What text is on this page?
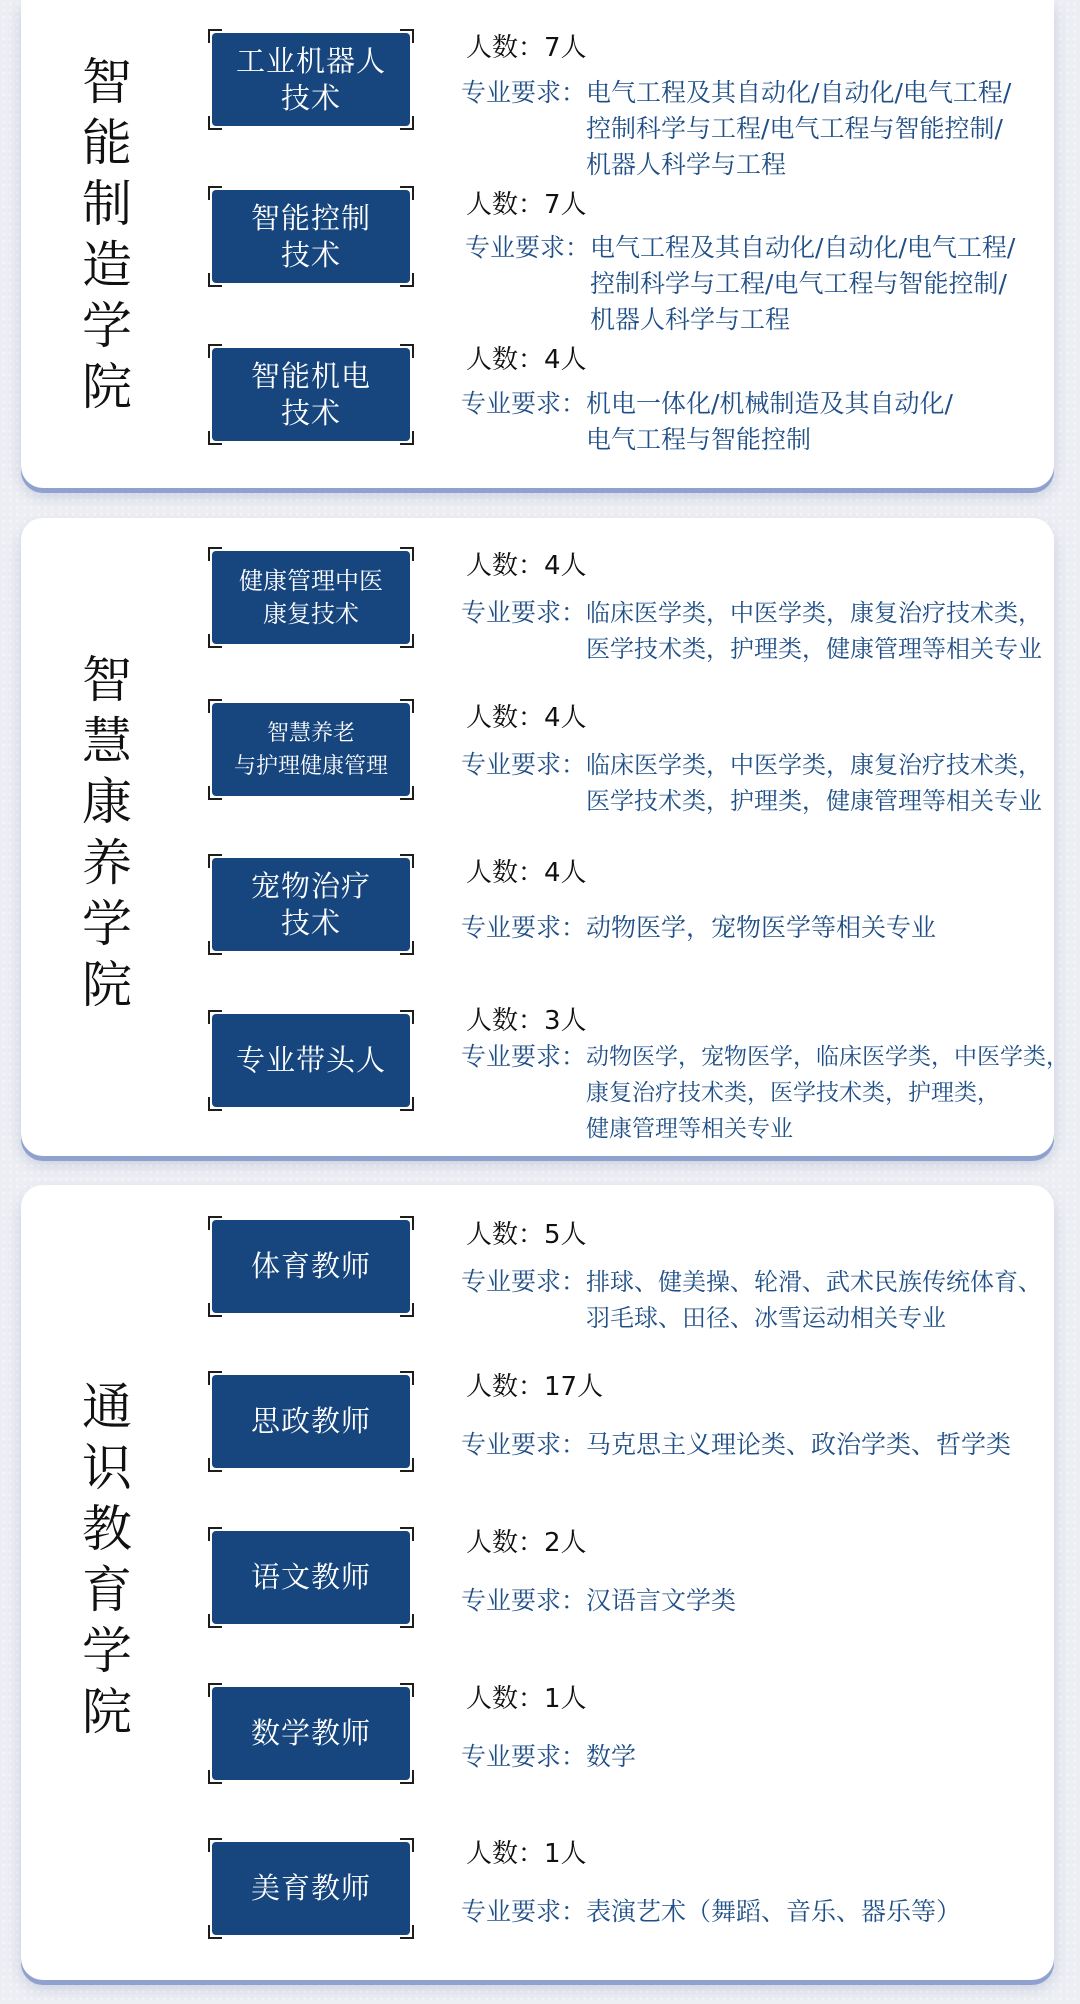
智
能
制
造
学
院
工业机器人
技术
人数：7人
专业要求： 电气工程及其自动化/自动化/电气工程/
控制科学与工程/电气工程与智能控制/
机器人科学与工程
智能控制
技术
人数：7人
专业要求： 电气工程及其自动化/自动化/电气工程/
控制科学与工程/电气工程与智能控制/
机器人科学与工程
智能机电
技术
人数：4人
专业要求： 机电一体化/机械制造及其自动化/
电气工程与智能控制
智
慧
康
养
学
院
健康管理中医
康复技术
人数：4人
专业要求： 临床医学类，中医学类，康复治疗技术类，
医学技术类，护理类，健康管理等相关专业
智慧养老
与护理健康管理
人数：4人
专业要求： 临床医学类，中医学类，康复治疗技术类，
医学技术类，护理类，健康管理等相关专业
宠物治疗
技术
人数：4人
专业要求： 动物医学，宠物医学等相关专业
专业带头人
人数：3人
专业要求： 动物医学，宠物医学，临床医学类，中医学类，
康复治疗技术类，医学技术类，护理类，
健康管理等相关专业
通
识
教
育
学
院
体育教师
人数：5人
专业要求： 排球、健美操、轮滑、武术民族传统体育、
羽毛球、田径、冰雪运动相关专业
思政教师
人数：17人
专业要求： 马克思主义理论类、政治学类、哲学类
语文教师
人数：2人
专业要求： 汉语言文学类
数学教师
人数：1人
专业要求： 数学
美育教师
人数：1人
专业要求： 表演艺术（舞蹈、音乐、器乐等）
